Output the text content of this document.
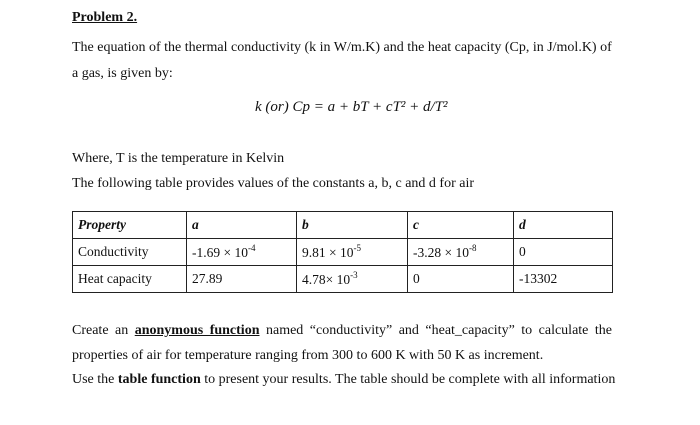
Problem 2.
The equation of the thermal conductivity (k in W/m.K) and the heat capacity (Cp, in J/mol.K) of
a gas, is given by:
k (or) Cp = a + bT + cT² + d/T²
Where, T is the temperature in Kelvin
The following table provides values of the constants a, b, c and d for air
Property	a	b	c	d
Conductivity	$-1.69 \times 10^{-4}$	$9.81 \times 10^{-5}$	$-3.28 \times 10^{-8}$	0
Heat capacity	27.89	$4.78\times 10^{-3}$	0	-13302
Create an anonymous function named “conductivity” and “heat_capacity” to calculate the
properties of air for temperature ranging from 300 to 600 K with 50 K as increment.
Use the table function to present your results. The table should be complete with all information
